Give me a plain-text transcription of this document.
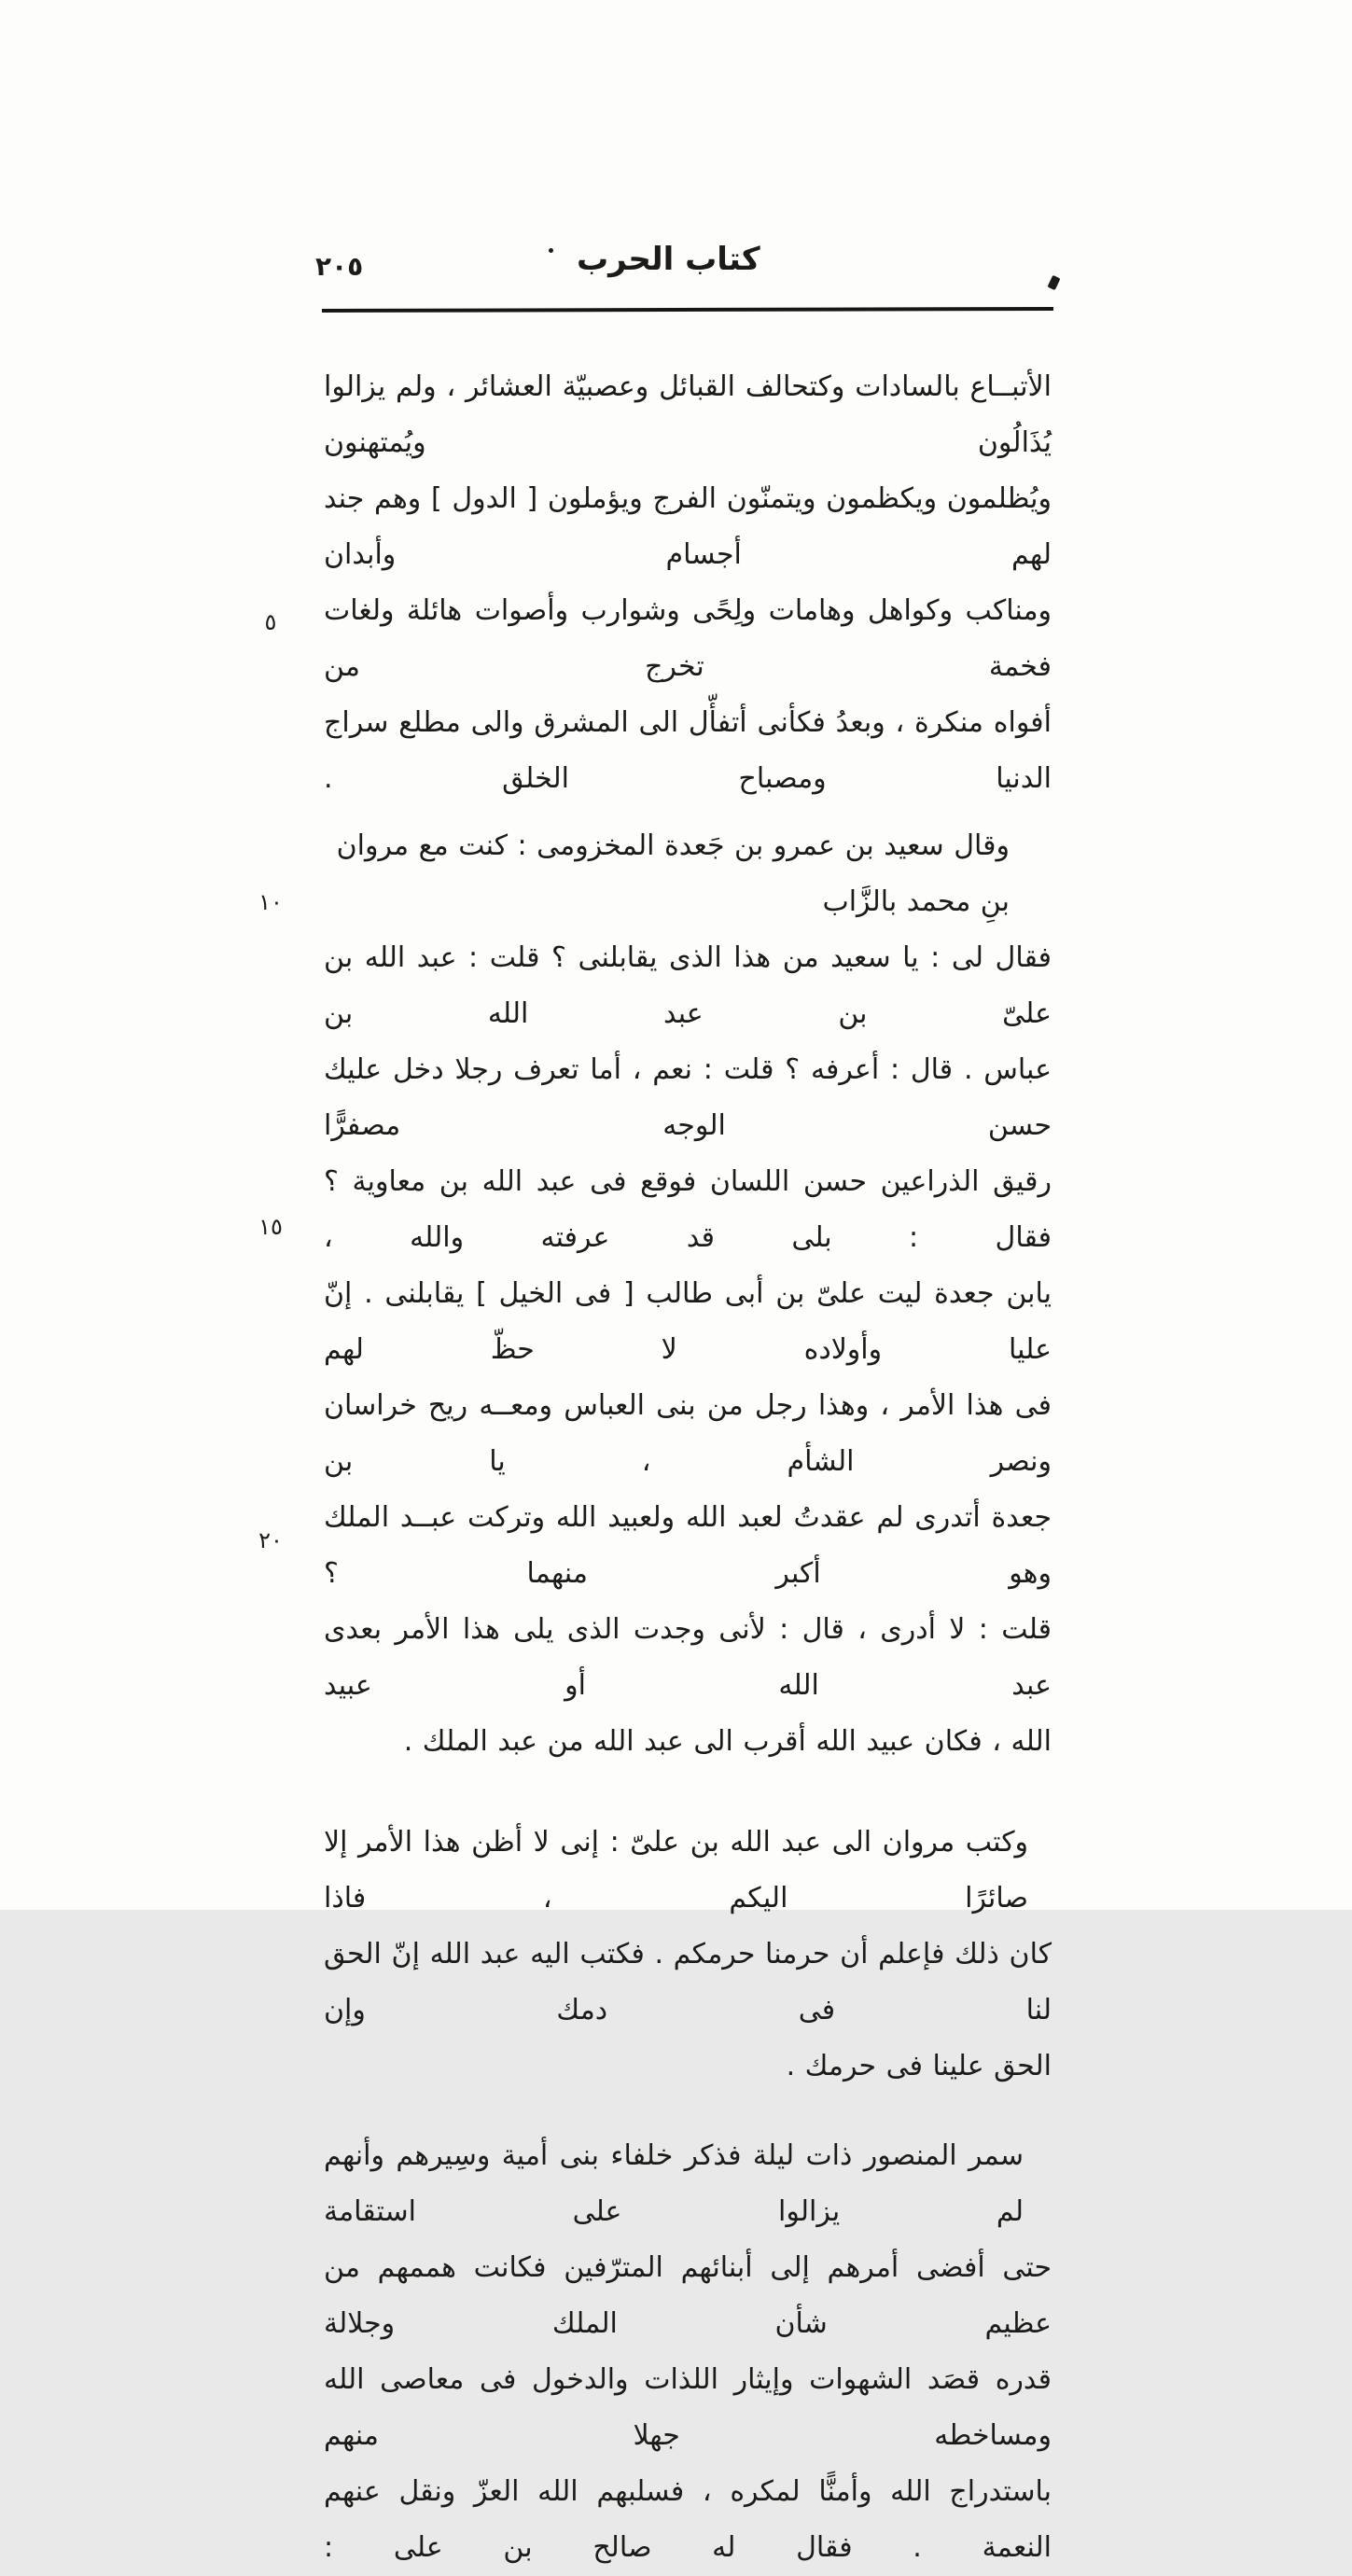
٢٠٥	كتاب الحرب
٥
١٠
١٥
٢٠
الأتبــاع بالسادات وكتحالف القبائل وعصبيّة العشائر ، ولم يزالوا يُذَالُون ويُمتهنون
ويُظلمون ويكظمون ويتمنّون الفرج ويؤملون [ الدول ] وهم جند لهم أجسام وأبدان
ومناكب وكواهل وهامات ولِحًى وشوارب وأصوات هائلة ولغات فخمة تخرج من
أفواه منكرة ، وبعدُ فكأنى أتفأّل الى المشرق والى مطلع سراج الدنيا ومصباح الخلق .
وقال سعيد بن عمرو بن جَعدة المخزومى : كنت مع مروان بنِ محمد بالزَّاب
فقال لى : يا سعيد من هذا الذى يقابلنى ؟ قلت : عبد الله بن علىّ بن عبد الله بن
عباس . قال : أعرفه ؟ قلت : نعم ، أما تعرف رجلا دخل عليك حسن الوجه مصفرًّا
رقيق الذراعين حسن اللسان فوقع فى عبد الله بن معاوية ؟ فقال : بلى قد عرفته والله ،
يابن جعدة ليت علىّ بن أبى طالب [ فى الخيل ] يقابلنى . إنّ عليا وأولاده لا حظّ لهم
فى هذا الأمر ، وهذا رجل من بنى العباس ومعــه ريح خراسان ونصر الشأم ، يا بن
جعدة أتدرى لم عقدتُ لعبد الله ولعبيد الله وتركت عبــد الملك وهو أكبر منهما ؟
قلت : لا أدرى ، قال : لأنى وجدت الذى يلى هذا الأمر بعدى عبد الله أو عبيد
الله ، فكان عبيد الله أقرب الى عبد الله من عبد الملك .
وكتب مروان الى عبد الله بن علىّ : إنى لا أظن هذا الأمر إلا صائرًا اليكم ، فاذا
كان ذلك فإعلم أن حرمنا حرمكم . فكتب اليه عبد الله إنّ الحق لنا فى دمك وإن
الحق علينا فى حرمك .
سمر المنصور ذات ليلة فذكر خلفاء بنى أمية وسِيرهم وأنهم لم يزالوا على استقامة
حتى أفضى أمرهم إلى أبنائهم المترّفين فكانت هممهم من عظيم شأن الملك وجلالة
قدره قصَد الشهوات وإيثار اللذات والدخول فى معاصى الله ومساخطه جهلا منهم
باستدراج الله وأمنًّا لمكره ، فسلبهم الله العزّ ونقل عنهم النعمة . فقال له صالح بن على :
